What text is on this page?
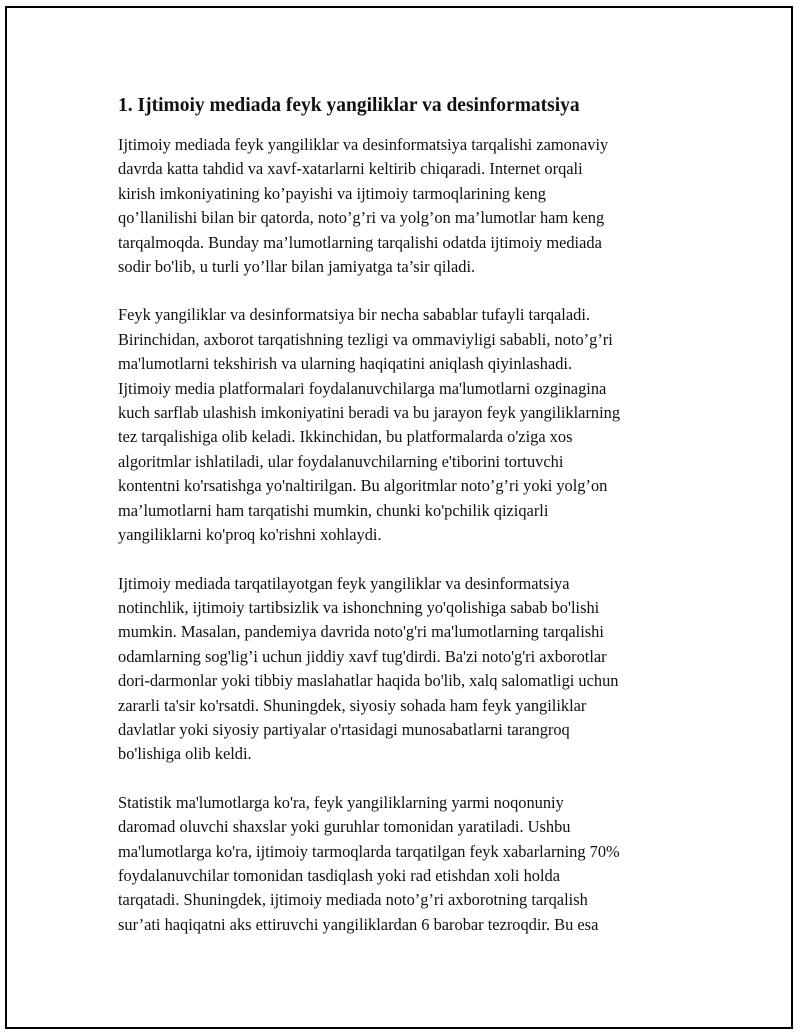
1. Ijtimoiy mediada feyk yangiliklar va desinformatsiya

Ijtimoiy mediada feyk yangiliklar va desinformatsiya tarqalishi zamonaviy
davrda katta tahdid va xavf-xatarlarni keltirib chiqaradi. Internet orqali
kirish imkoniyatining ko’payishi va ijtimoiy tarmoqlarining keng
qo’llanilishi bilan bir qatorda, noto’g’ri va yolg’on ma’lumotlar ham keng
tarqalmoqda. Bunday ma’lumotlarning tarqalishi odatda ijtimoiy mediada
sodir bo'lib, u turli yo’llar bilan jamiyatga ta’sir qiladi.

Feyk yangiliklar va desinformatsiya bir necha sabablar tufayli tarqaladi.
Birinchidan, axborot tarqatishning tezligi va ommaviyligi sababli, noto’g’ri
ma'lumotlarni tekshirish va ularning haqiqatini aniqlash qiyinlashadi.
Ijtimoiy media platformalari foydalanuvchilarga ma'lumotlarni ozginagina
kuch sarflab ulashish imkoniyatini beradi va bu jarayon feyk yangiliklarning
tez tarqalishiga olib keladi. Ikkinchidan, bu platformalarda o'ziga xos
algoritmlar ishlatiladi, ular foydalanuvchilarning e'tiborini tortuvchi
kontentni ko'rsatishga yo'naltirilgan. Bu algoritmlar noto’g’ri yoki yolg’on
ma’lumotlarni ham tarqatishi mumkin, chunki ko'pchilik qiziqarli
yangiliklarni ko'proq ko'rishni xohlaydi.

Ijtimoiy mediada tarqatilayotgan feyk yangiliklar va desinformatsiya
notinchlik, ijtimoiy tartibsizlik va ishonchning yo'qolishiga sabab bo'lishi
mumkin. Masalan, pandemiya davrida noto'g'ri ma'lumotlarning tarqalishi
odamlarning sog'lig’i uchun jiddiy xavf tug'dirdi. Ba'zi noto'g'ri axborotlar
dori-darmonlar yoki tibbiy maslahatlar haqida bo'lib, xalq salomatligi uchun
zararli ta'sir ko'rsatdi. Shuningdek, siyosiy sohada ham feyk yangiliklar
davlatlar yoki siyosiy partiyalar o'rtasidagi munosabatlarni tarangroq
bo'lishiga olib keldi.

Statistik ma'lumotlarga ko'ra, feyk yangiliklarning yarmi noqonuniy
daromad oluvchi shaxslar yoki guruhlar tomonidan yaratiladi. Ushbu
ma'lumotlarga ko'ra, ijtimoiy tarmoqlarda tarqatilgan feyk xabarlarning 70%
foydalanuvchilar tomonidan tasdiqlash yoki rad etishdan xoli holda
tarqatadi. Shuningdek, ijtimoiy mediada noto’g’ri axborotning tarqalish
sur’ati haqiqatni aks ettiruvchi yangiliklardan 6 barobar tezroqdir. Bu esa
